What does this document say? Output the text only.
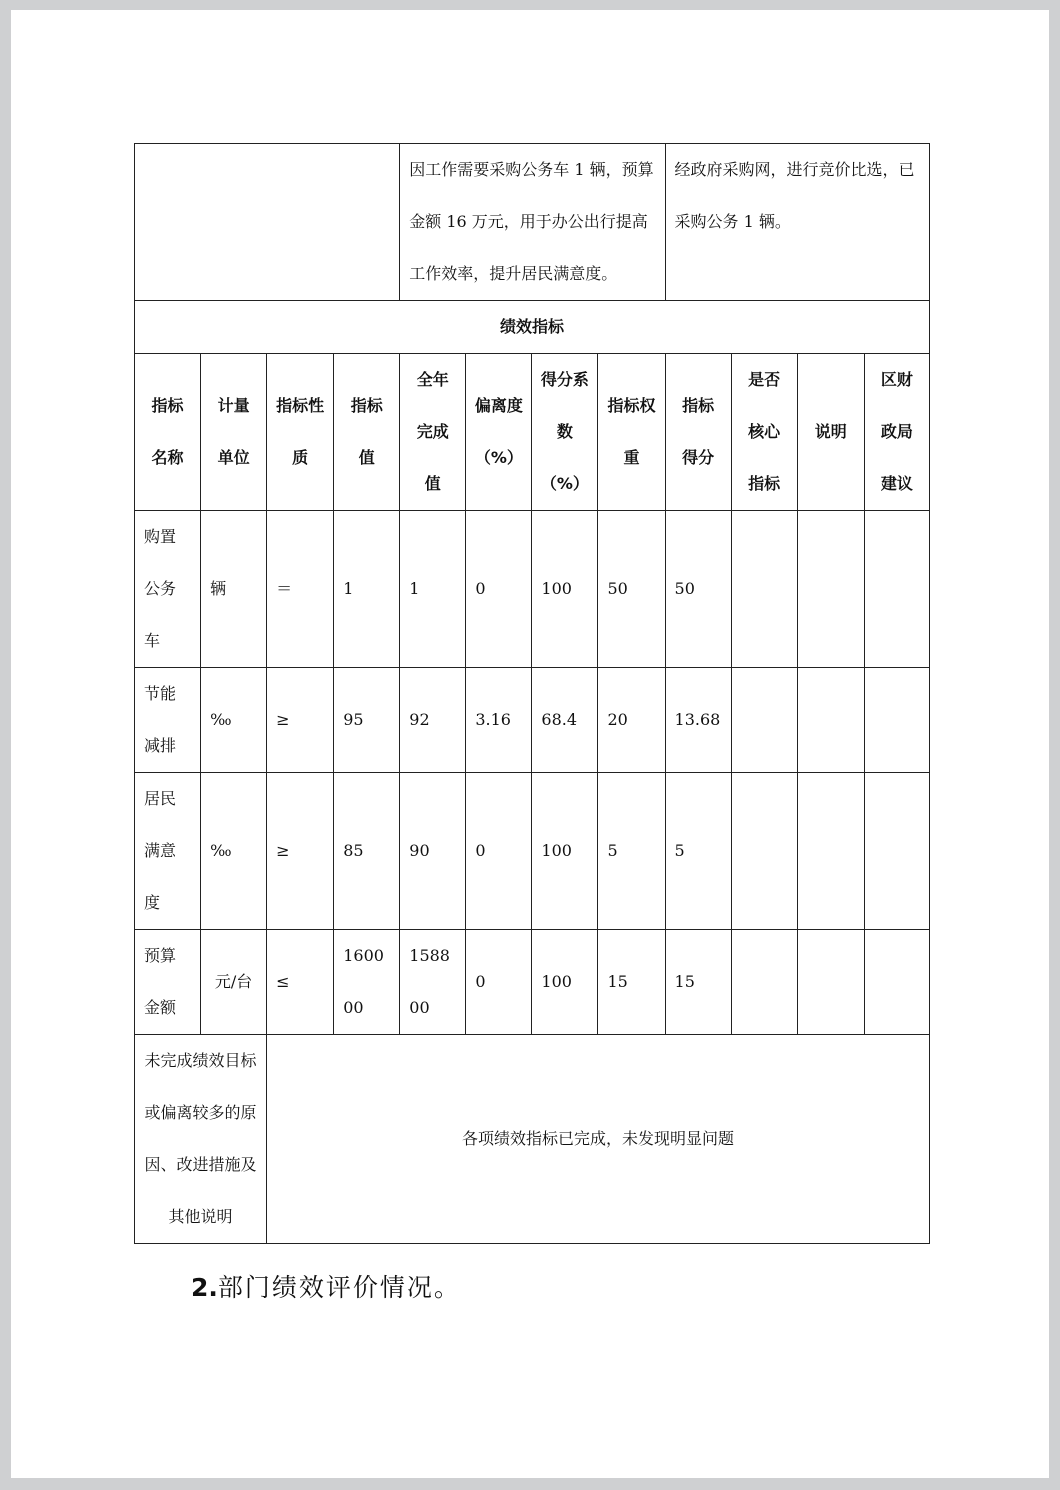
				因工作需要采购公务车 1 辆，预算金额 16 万元，用于办公出行提高工作效率，提升居民满意度。				经政府采购网，进行竞价比选，已采购公务 1 辆。			
绩效指标											
指标名称	计量单位	指标性质	指标值	全年完成值	偏离度（%）	得分系数（%）	指标权重	指标得分	是否核心指标	说明	区财政局建议
购置公务车	辆	＝	1	1	0	100	50	50			
节能减排	‰	≥	95	92	3.16	68.4	20	13.68			
居民满意度	‰	≥	85	90	0	100	5	5			
预算金额	元/台	≤	160000	158800	0	100	15	15			
未完成绩效目标或偏离较多的原因、改进措施及其他说明		各项绩效指标已完成，未发现明显问题									

2.部门绩效评价情况。
